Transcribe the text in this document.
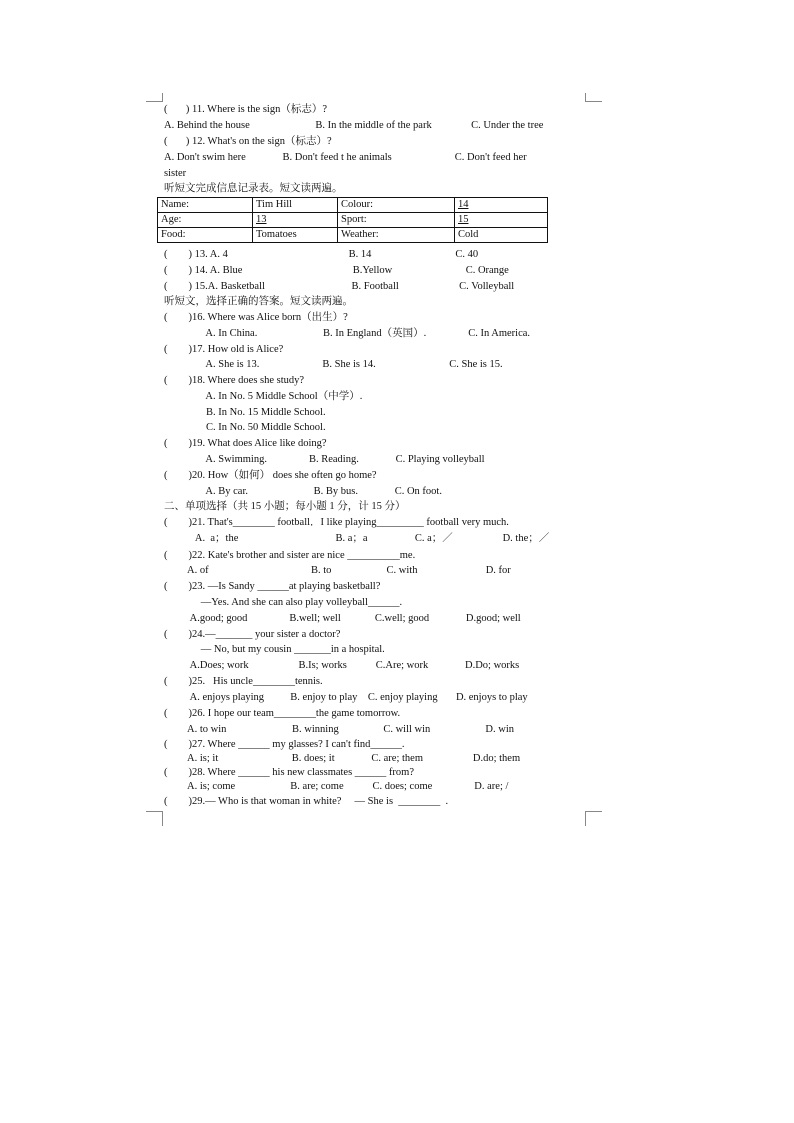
(       ) 11. Where is the sign（标志）?
A. Behind the house                         B. In the middle of the park               C. Under the tree
(       ) 12. What's on the sign（标志）?
A. Don't swim here              B. Don't feed t he animals                        C. Don't feed her
sister
听短文完成信息记录表。短文读两遍。
Name:	Tim Hill	Colour:	14
Age:	13	Sport:	15
Food:	Tomatoes	Weather:	Cold
(        ) 13. A. 4                                              B. 14                                C. 40
(        ) 14. A. Blue                                          B.Yellow                            C. Orange
(        ) 15.A. Basketball                                 B. Football                       C. Volleyball
听短文，选择正确的答案。短文读两遍。
(        )16. Where was Alice born（出生）?
A. In China.                         B. In England（英国）.                C. In America.
(        )17. How old is Alice?
A. She is 13.                        B. She is 14.                            C. She is 15.
(        )18. Where does she study?
A. In No. 5 Middle School（中学）.
B. In No. 15 Middle School.
C. In No. 50 Middle School.
(        )19. What does Alice like doing?
A. Swimming.                B. Reading.              C. Playing volleyball
(        )20. How（如何） does she often go home?
A. By car.                         B. By bus.              C. On foot.
二、单项选择（共 15 小题；每小题 1 分，计 15 分）
(        )21. That's________ football．I like playing_________ football very much.
A.  a；the                                     B. a；a                  C. a；／                   D. the；／
(        )22. Kate's brother and sister are nice __________me.
A. of                                       B. to                     C. with                          D. for
(        )23. —Is Sandy ______at playing basketball?
—Yes. And she can also play volleyball______.
A.good; good                B.well; well             C.well; good              D.good; well
(        )24.—_______ your sister a doctor?
— No, but my cousin _______in a hospital.
A.Does; work                   B.Is; works           C.Are; work              D.Do; works
(        )25.   His uncle________tennis.
A. enjoys playing          B. enjoy to play    C. enjoy playing       D. enjoys to play
(        )26. I hope our team________the game tomorrow.
A. to win                         B. winning                 C. will win                     D. win
(        )27. Where ______ my glasses? I can't find______.
A. is; it                            B. does; it              C. are; them                   D.do; them
(        )28. Where ______ his new classmates ______ from?
A. is; come                     B. are; come           C. does; come                D. are; /
(        )29.— Who is that woman in white?     — She is  ________  .
